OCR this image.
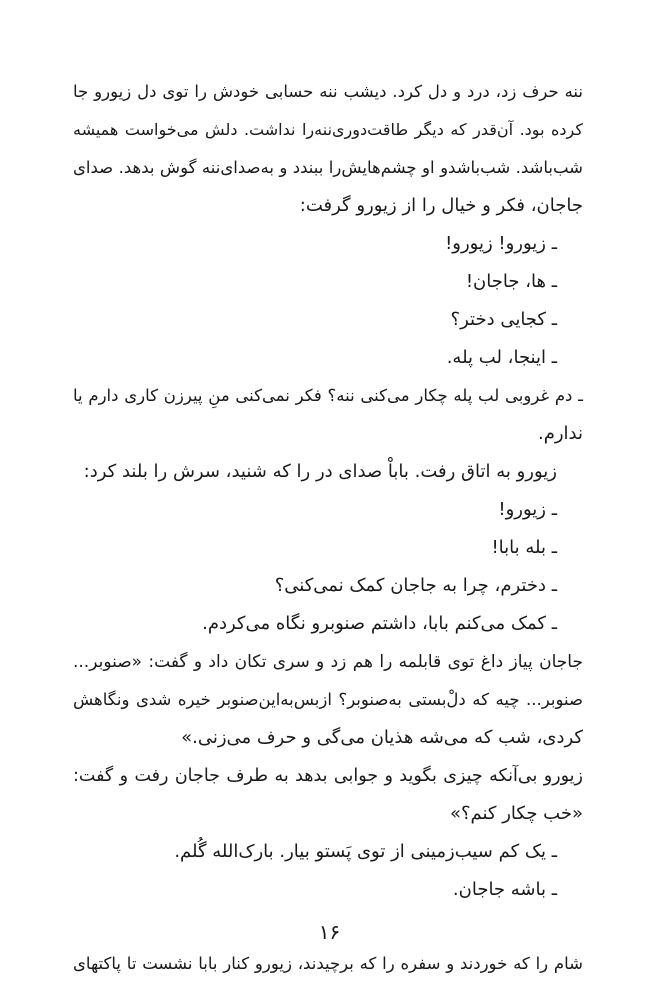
ننه حرف زد، درد و دل کرد. دیشب ننه حسابی خودش را توی دل زیورو جا
کرده بود. آن‌قدر که دیگر طاقت‌دوری‌ننه‌را نداشت. دلش می‌خواست همیشه
شب‌باشد. شب‌باشد‌و او چشم‌هایش‌را ببندد و به‌صدای‌ننه گوش بدهد. صدای
جاجان، فکر و خیال را از زیورو گرفت:
ـ زیورو! زیورو!
ـ ها، جاجان!
ـ کجایی دختر؟
ـ اینجا، لب پله.
ـ دم غروبی لب پله چکار می‌کنی ننه؟ فکر نمی‌کنی منِ پیرزن کاری دارم یا
ندارم.
زیورو به اتاق رفت. باباْ صدای در را که شنید، سرش را بلند کرد:
ـ زیورو!
ـ بله بابا!
ـ دخترم، چرا به جاجان کمک نمی‌کنی؟
ـ کمک می‌کنم بابا، داشتم صنوبرو نگاه می‌کردم.
جاجان پیاز داغ توی قابلمه را هم زد و سری تکان داد و گفت: «صنوبر...
صنوبر... چیه که دلْ‌بستی به‌صنوبر؟ ازبس‌به‌این‌صنوبر خیره شدی ونگاهش
کردی، شب که می‌شه هذیان می‌گی و حرف می‌زنی.»
زیورو بی‌آنکه چیزی بگوید و جوابی بدهد به طرف جاجان رفت و گفت:
«خب چکار کنم؟»
ـ یک کم سیب‌زمینی از توی پَستو بیار. بارک‌الله گُلم.
ـ باشه جاجان.
شام را که خوردند و سفره را که برچیدند، زیورو کنار بابا نشست تا پاکتهای
۱۶
